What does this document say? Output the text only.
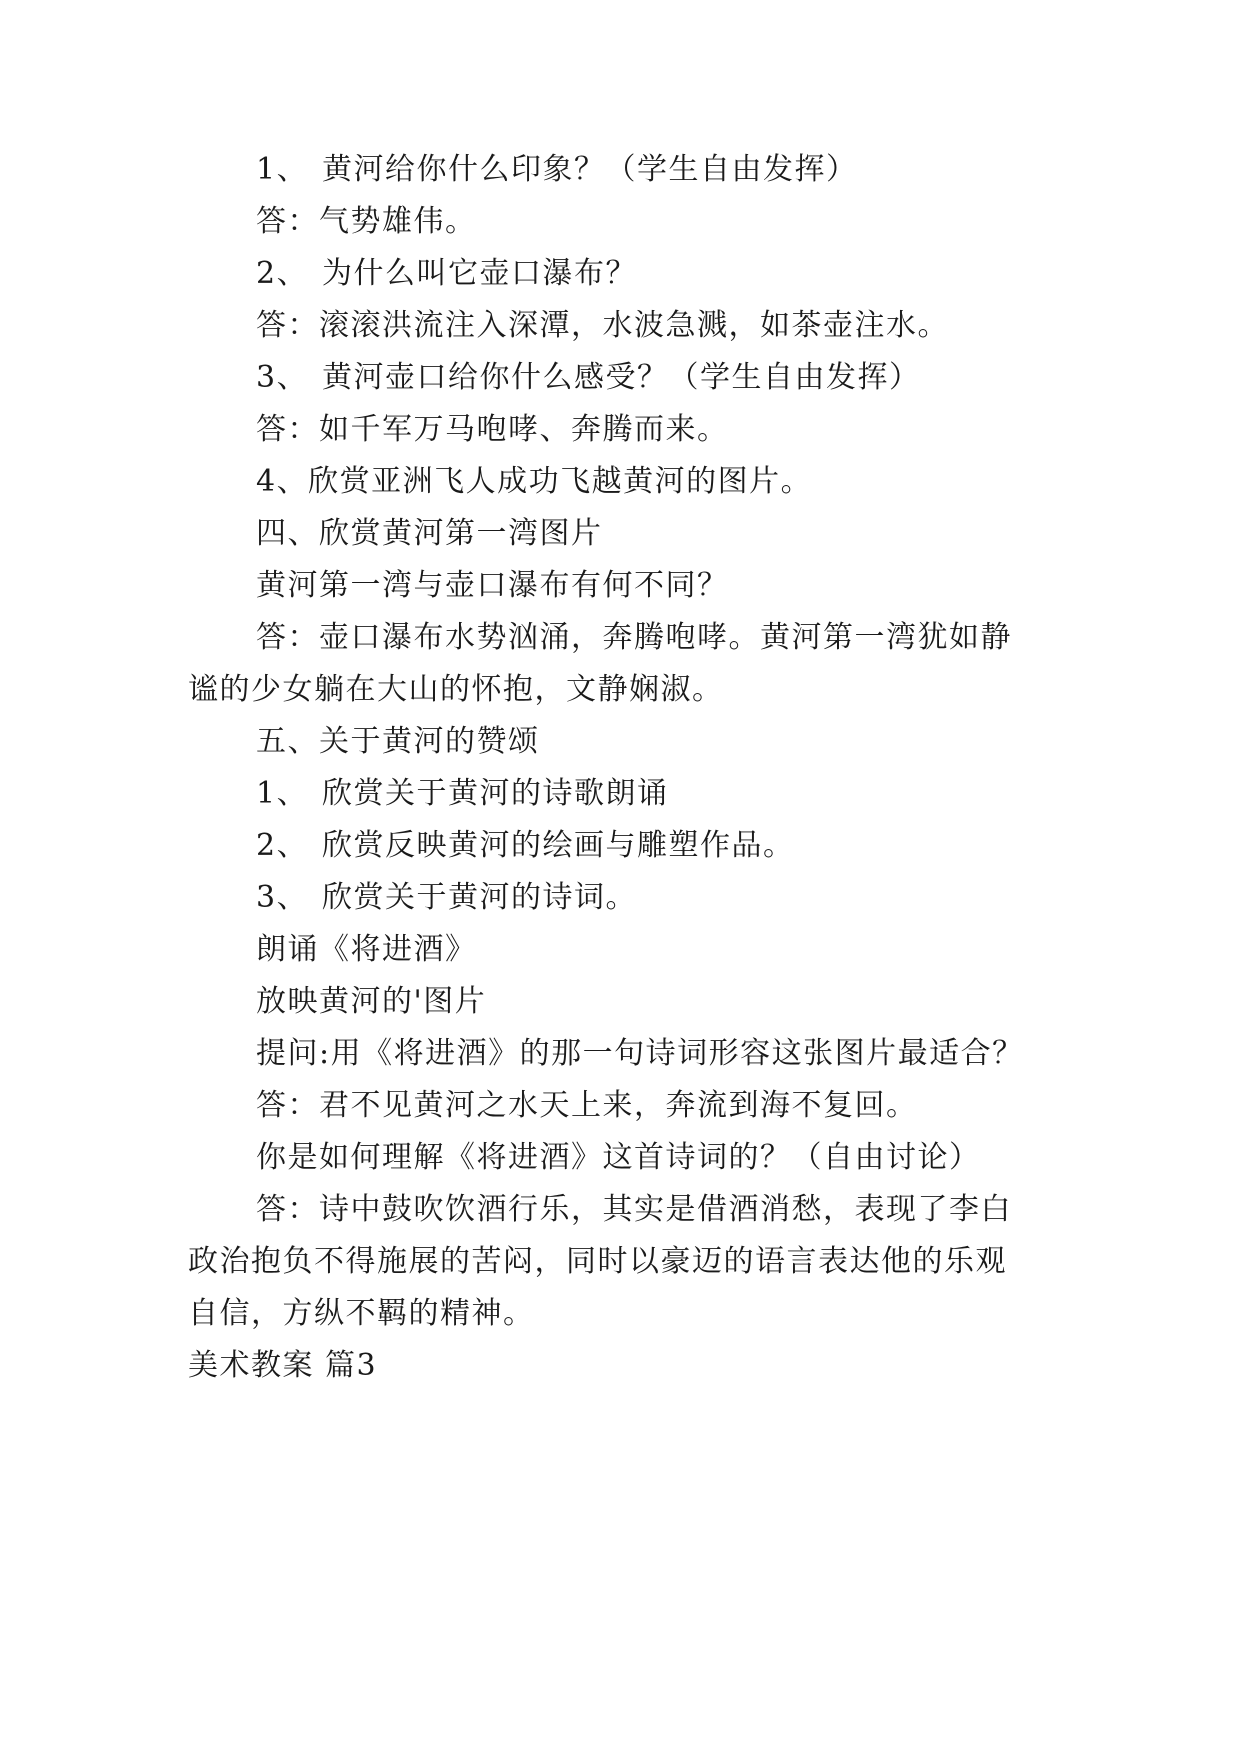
1、 黄河给你什么印象？（学生自由发挥）
答：气势雄伟。
2、 为什么叫它壶口瀑布？
答：滚滚洪流注入深潭，水波急溅，如茶壶注水。
3、 黄河壶口给你什么感受？（学生自由发挥）
答：如千军万马咆哮、奔腾而来。
4、欣赏亚洲飞人成功飞越黄河的图片。
四、欣赏黄河第一湾图片
黄河第一湾与壶口瀑布有何不同？
答：壶口瀑布水势汹涌，奔腾咆哮。黄河第一湾犹如静
谧的少女躺在大山的怀抱，文静娴淑。
五、关于黄河的赞颂
1、 欣赏关于黄河的诗歌朗诵
2、 欣赏反映黄河的绘画与雕塑作品。
3、 欣赏关于黄河的诗词。
朗诵《将进酒》
放映黄河的'图片
提问:用《将进酒》的那一句诗词形容这张图片最适合？
答：君不见黄河之水天上来，奔流到海不复回。
你是如何理解《将进酒》这首诗词的？（自由讨论）
答：诗中鼓吹饮酒行乐，其实是借酒消愁，表现了李白
政治抱负不得施展的苦闷，同时以豪迈的语言表达他的乐观
自信，方纵不羁的精神。
美术教案 篇3
